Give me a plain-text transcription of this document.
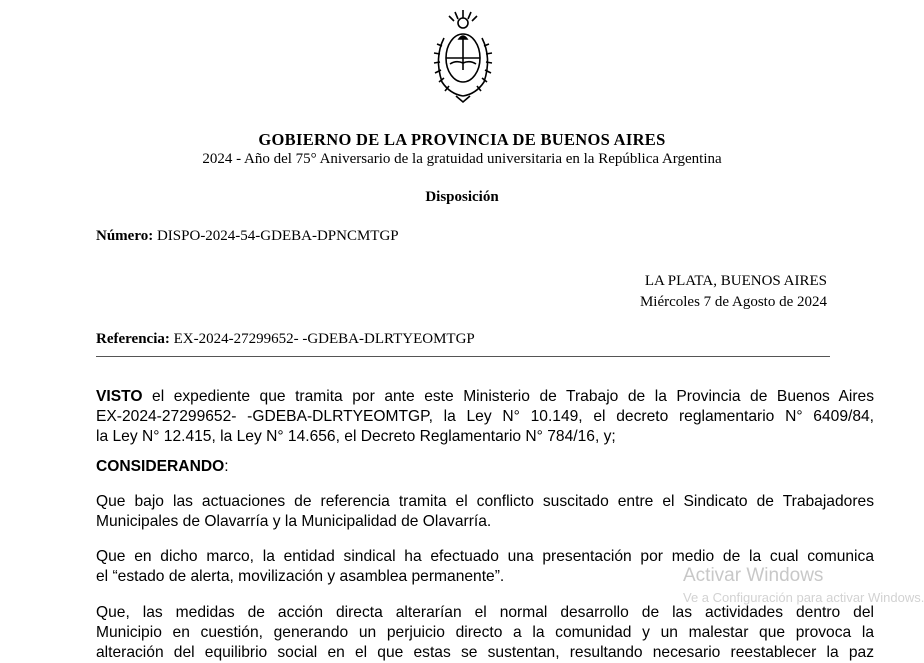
GOBIERNO DE LA PROVINCIA DE BUENOS AIRES
2024 - Año del 75° Aniversario de la gratuidad universitaria en la República Argentina
Disposición
Número: DISPO-2024-54-GDEBA-DPNCMTGP
LA PLATA, BUENOS AIRES
Miércoles 7 de Agosto de 2024
Referencia: EX-2024-27299652- -GDEBA-DLRTYEOMTGP
VISTO el expediente que tramita por ante este Ministerio de Trabajo de la Provincia de Buenos Aires
EX-2024-27299652- -GDEBA-DLRTYEOMTGP, la Ley N° 10.149, el decreto reglamentario N° 6409/84,
la Ley N° 12.415, la Ley N° 14.656, el Decreto Reglamentario N° 784/16, y;
CONSIDERANDO:
Que bajo las actuaciones de referencia tramita el conflicto suscitado entre el Sindicato de Trabajadores
Municipales de Olavarría y la Municipalidad de Olavarría.
Que en dicho marco, la entidad sindical ha efectuado una presentación por medio de la cual comunica
el “estado de alerta, movilización y asamblea permanente”.
Que, las medidas de acción directa alterarían el normal desarrollo de las actividades dentro del
Municipio en cuestión, generando un perjuicio directo a la comunidad y un malestar que provoca la
alteración del equilibrio social en el que estas se sustentan, resultando necesario reestablecer la paz
Activar Windows
Ve a Configuración para activar Windows.
